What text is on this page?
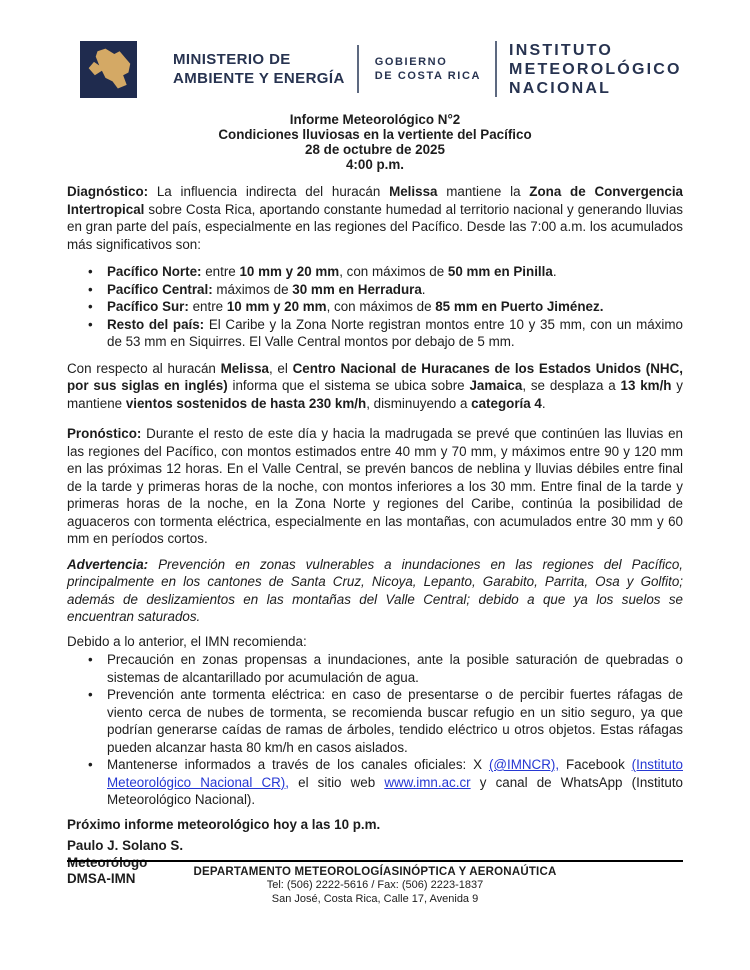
MINISTERIO DE
AMBIENTE Y ENERGÍA
GOBIERNO
DE COSTA RICA
INSTITUTO
METEOROLÓGICO
NACIONAL
Informe Meteorológico N°2
Condiciones lluviosas en la vertiente del Pacífico
28 de octubre de 2025
4:00 p.m.

Diagnóstico: La influencia indirecta del huracán Melissa mantiene la Zona de Convergencia Intertropical sobre Costa Rica, aportando constante humedad al territorio nacional y generando lluvias en gran parte del país, especialmente en las regiones del Pacífico. Desde las 7:00 a.m. los acumulados más significativos son:

• Pacífico Norte: entre 10 mm y 20 mm, con máximos de 50 mm en Pinilla.
• Pacífico Central: máximos de 30 mm en Herradura.
• Pacífico Sur: entre 10 mm y 20 mm, con máximos de 85 mm en Puerto Jiménez.
• Resto del país: El Caribe y la Zona Norte registran montos entre 10 y 35 mm, con un máximo de 53 mm en Siquirres. El Valle Central montos por debajo de 5 mm.

Con respecto al huracán Melissa, el Centro Nacional de Huracanes de los Estados Unidos (NHC, por sus siglas en inglés) informa que el sistema se ubica sobre Jamaica, se desplaza a 13 km/h y mantiene vientos sostenidos de hasta 230 km/h, disminuyendo a categoría 4.

Pronóstico: Durante el resto de este día y hacia la madrugada se prevé que continúen las lluvias en las regiones del Pacífico, con montos estimados entre 40 mm y 70 mm, y máximos entre 90 y 120 mm en las próximas 12 horas. En el Valle Central, se prevén bancos de neblina y lluvias débiles entre final de la tarde y primeras horas de la noche, con montos inferiores a los 30 mm. Entre final de la tarde y primeras horas de la noche, en la Zona Norte y regiones del Caribe, continúa la posibilidad de aguaceros con tormenta eléctrica, especialmente en las montañas, con acumulados entre 30 mm y 60 mm en períodos cortos.

Advertencia: Prevención en zonas vulnerables a inundaciones en las regiones del Pacífico, principalmente en los cantones de Santa Cruz, Nicoya, Lepanto, Garabito, Parrita, Osa y Golfito; además de deslizamientos en las montañas del Valle Central; debido a que ya los suelos se encuentran saturados.

Debido a lo anterior, el IMN recomienda:

• Precaución en zonas propensas a inundaciones, ante la posible saturación de quebradas o sistemas de alcantarillado por acumulación de agua.
• Prevención ante tormenta eléctrica: en caso de presentarse o de percibir fuertes ráfagas de viento cerca de nubes de tormenta, se recomienda buscar refugio en un sitio seguro, ya que podrían generarse caídas de ramas de árboles, tendido eléctrico u otros objetos. Estas ráfagas pueden alcanzar hasta 80 km/h en casos aislados.
• Mantenerse informados a través de los canales oficiales: X (@IMNCR), Facebook (Instituto Meteorológico Nacional CR), el sitio web www.imn.ac.cr y canal de WhatsApp (Instituto Meteorológico Nacional).

Próximo informe meteorológico hoy a las 10 p.m.

Paulo J. Solano S.
Meteorólogo
DMSA-IMN	DEPARTAMENTO METEOROLOGÍASINÓPTICA Y AERONAÚTICA
Tel: (506) 2222-5616 / Fax: (506) 2223-1837
San José, Costa Rica, Calle 17, Avenida 9
